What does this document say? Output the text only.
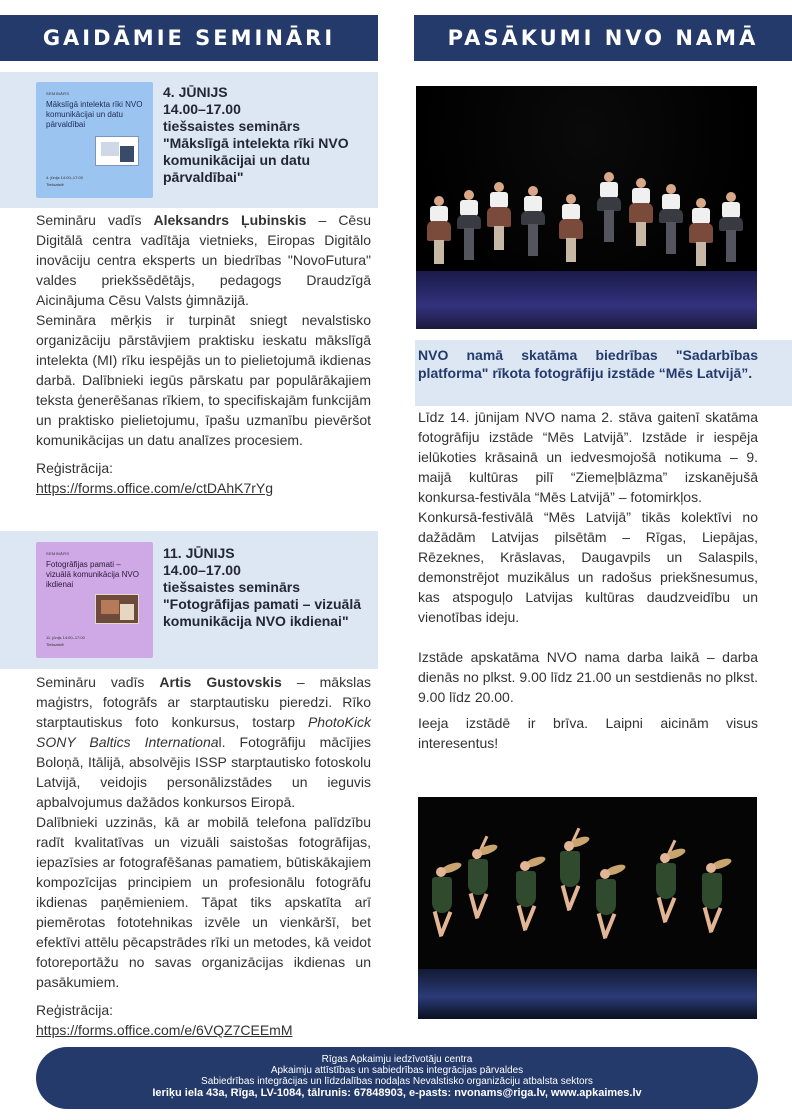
GAIDĀMIE SEMINĀRI	PASĀKUMI NVO NAMĀ
SEMINĀRS
Mākslīgā intelekta rīki NVO komunikācijai un datu pārvaldībai
4. jūnijs 14:00–17:00
Tiešsaistē
4. JŪNIJS
14.00–17.00
tiešsaistes seminārs
"Mākslīgā intelekta rīki NVO komunikācijai un datu pārvaldībai"

Semināru vadīs Aleksandrs Ļubinskis – Cēsu Digitālā centra vadītāja vietnieks, Eiropas Digitālo inovāciju centra eksperts un biedrības "NovoFutura" valdes priekšsēdētājs, pedagogs Draudzīgā Aicinājuma Cēsu Valsts ģimnāzijā.

Semināra mērķis ir turpināt sniegt nevalstisko organizāciju pārstāvjiem praktisku ieskatu mākslīgā intelekta (MI) rīku iespējās un to pielietojumā ikdienas darbā. Dalībnieki iegūs pārskatu par populārākajiem teksta ģenerēšanas rīkiem, to specifiskajām funkcijām un praktisko pielietojumu, īpašu uzmanību pievēršot komunikācijas un datu analīzes procesiem.

Reģistrācija:

https://forms.office.com/e/ctDAhK7rYg

SEMINĀRS
Fotogrāfijas pamati – vizuālā komunikācija NVO ikdienai
11. jūnijs 14:00–17:00
Tiešsaistē
11. JŪNIJS
14.00–17.00
tiešsaistes seminārs
"Fotogrāfijas pamati – vizuālā komunikācija NVO ikdienai"

Semināru vadīs Artis Gustovskis – mākslas maģistrs, fotogrāfs ar starptautisku pieredzi. Rīko starptautiskus foto konkursus, tostarp PhotoKick SONY Baltics International. Fotogrāfiju mācījies Boloņā, Itālijā, absolvējis ISSP starptautisko fotoskolu Latvijā, veidojis personālizstādes un ieguvis apbalvojumus dažādos konkursos Eiropā.

Dalībnieki uzzinās, kā ar mobilā telefona palīdzību radīt kvalitatīvas un vizuāli saistošas fotogrāfijas, iepazīsies ar fotografēšanas pamatiem, būtiskākajiem kompozīcijas principiem un profesionālu fotogrāfu ikdienas paņēmieniem. Tāpat tiks apskatīta arī piemērotas fototehnikas izvēle un vienkāršī, bet efektīvi attēlu pēcapstrādes rīki un metodes, kā veidot fotoreportāžu no savas organizācijas ikdienas un pasākumiem.

Reģistrācija:

https://forms.office.com/e/6VQZ7CEEmM

NVO namā skatāma biedrības "Sadarbības platforma" rīkota fotogrāfiju izstāde “Mēs Latvijā”.

Līdz 14. jūnijam NVO nama 2. stāva gaitenī skatāma fotogrāfiju izstāde “Mēs Latvijā”. Izstāde ir iespēja ielūkoties krāsainā un iedvesmojošā notikuma – 9. maijā kultūras pilī “Ziemeļblāzma” izskanējušā konkursa-festivāla “Mēs Latvijā” – fotomirkļos.

Konkursā-festivālā “Mēs Latvijā” tikās kolektīvi no dažādām Latvijas pilsētām – Rīgas, Liepājas, Rēzeknes, Krāslavas, Daugavpils un Salaspils, demonstrējot muzikālus un radošus priekšnesumus, kas atspoguļo Latvijas kultūras daudzveidību un vienotības ideju.

Izstāde apskatāma NVO nama darba laikā – darba dienās no plkst. 9.00 līdz 21.00 un sestdienās no plkst. 9.00 līdz 20.00.

Ieeja izstādē ir brīva. Laipni aicinām visus interesentus!

Rīgas Apkaimju iedzīvotāju centra
Apkaimju attīstības un sabiedrības integrācijas pārvaldes
Sabiedrības integrācijas un līdzdalības nodaļas Nevalstisko organizāciju atbalsta sektors
Ieriķu iela 43a, Rīga, LV-1084, tālrunis: 67848903, e-pasts: nvonams@riga.lv, www.apkaimes.lv
